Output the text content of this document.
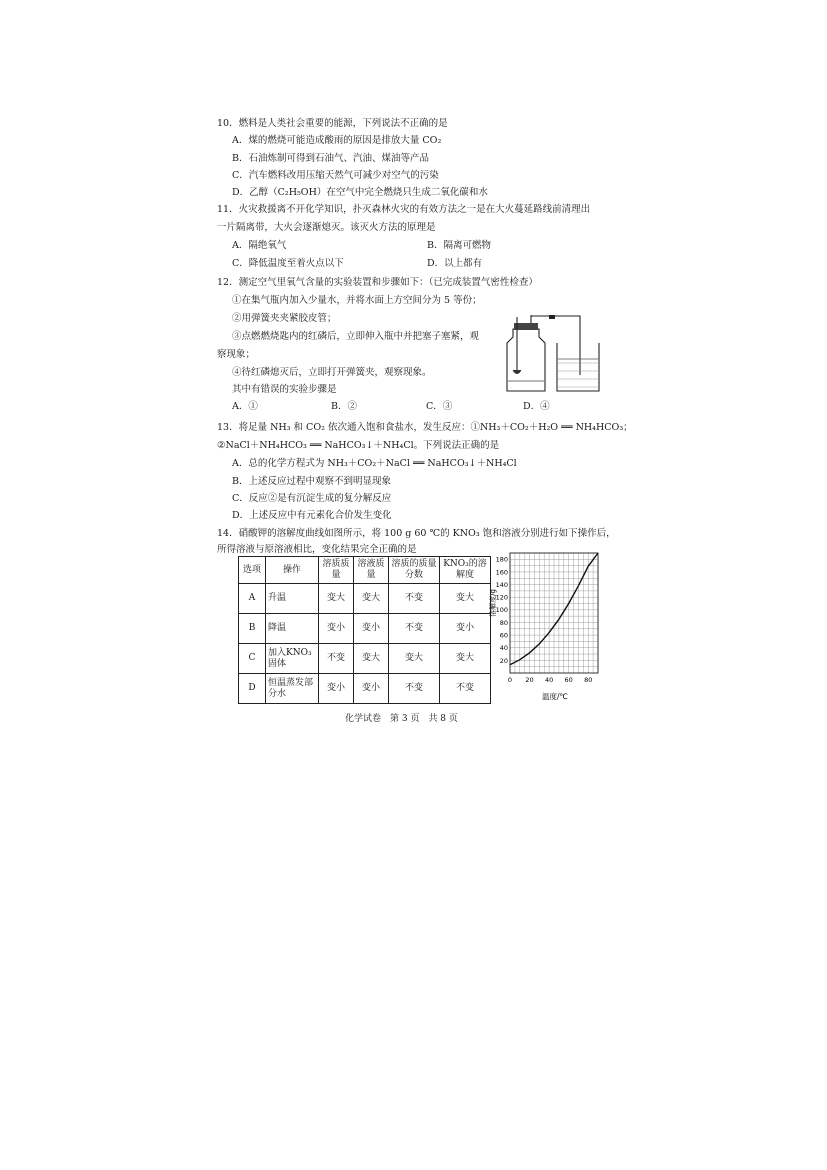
10．燃料是人类社会重要的能源，下列说法不正确的是
A．煤的燃烧可能造成酸雨的原因是排放大量 CO₂
B．石油炼制可得到石油气、汽油、煤油等产品
C．汽车燃料改用压缩天然气可减少对空气的污染
D．乙醇（C₂H₅OH）在空气中完全燃烧只生成二氧化碳和水
11．火灾救援离不开化学知识，扑灭森林火灾的有效方法之一是在大火蔓延路线前清理出
一片隔离带，大火会逐渐熄灭。该灭火方法的原理是
A．隔绝氧气	B．隔离可燃物
C．降低温度至着火点以下	D．以上都有
12．测定空气里氧气含量的实验装置和步骤如下：（已完成装置气密性检查）
①在集气瓶内加入少量水，并将水面上方空间分为 5 等份；
②用弹簧夹夹紧胶皮管；
③点燃燃烧匙内的红磷后，立即伸入瓶中并把塞子塞紧，观
察现象；
④待红磷熄灭后，立即打开弹簧夹，观察现象。
其中有错误的实验步骤是
A．①	B．②	C．③	D．④
13．将足量 NH₃ 和 CO₂ 依次通入饱和食盐水，发生反应：①NH₃＋CO₂＋H₂O ══ NH₄HCO₃；
②NaCl＋NH₄HCO₃ ══ NaHCO₃↓＋NH₄Cl。下列说法正确的是
A．总的化学方程式为 NH₃＋CO₂＋NaCl ══ NaHCO₃↓＋NH₄Cl
B．上述反应过程中观察不到明显现象
C．反应②是有沉淀生成的复分解反应
D．上述反应中有元素化合价发生变化
14．硝酸钾的溶解度曲线如图所示，将 100 g 60 ℃的 KNO₃ 饱和溶液分别进行如下操作后，
所得溶液与原溶液相比，变化结果完全正确的是
选项	操作	溶质质量	溶液质量	溶质的质量分数	KNO₃的溶解度
A	升温	变大	变大	不变	变大
B	降温	变小	变小	不变	变小
C	加入KNO₃固体	不变	变大	变大	变大
D	恒温蒸发部分水	变小	变小	不变	不变
20
40
60
80
100
120
140
160
180
0 20 40 60 80
溶解度/g
温度/℃
化学试卷　第 3 页　共 8 页
